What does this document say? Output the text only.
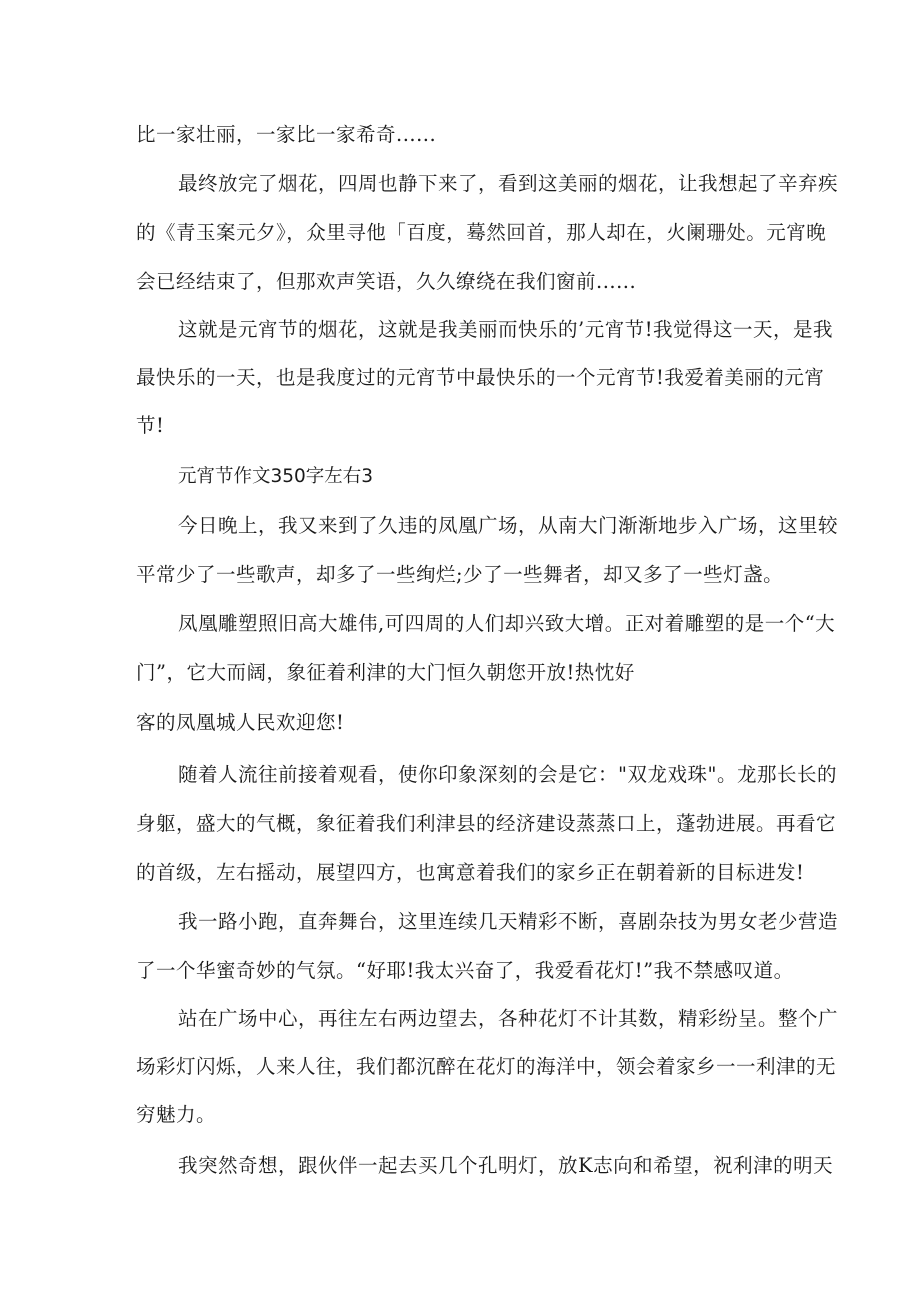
比一家壮丽，一家比一家希奇......
最终放完了烟花，四周也静下来了，看到这美丽的烟花，让我想起了辛弃疾
的《青玉案元夕》，众里寻他「百度，蓦然回首，那人却在，火阑珊处。元宵晚
会已经结束了，但那欢声笑语，久久缭绕在我们窗前......
这就是元宵节的烟花，这就是我美丽而快乐的’元宵节!我觉得这一天，是我
最快乐的一天，也是我度过的元宵节中最快乐的一个元宵节!我爱着美丽的元宵
节!
元宵节作文350字左右3
今日晚上，我又来到了久违的凤凰广场，从南大门渐渐地步入广场，这里较
平常少了一些歌声，却多了一些绚烂;少了一些舞者，却又多了一些灯盏。
凤凰雕塑照旧高大雄伟,可四周的人们却兴致大增。正对着雕塑的是一个“大
门”，它大而阔，象征着利津的大门恒久朝您开放!热忱好
客的凤凰城人民欢迎您!
随着人流往前接着观看，使你印象深刻的会是它："双龙戏珠"。龙那长长的
身躯，盛大的气概，象征着我们利津县的经济建设蒸蒸口上，蓬勃进展。再看它
的首级，左右摇动，展望四方，也寓意着我们的家乡正在朝着新的目标进发!
我一路小跑，直奔舞台，这里连续几天精彩不断，喜剧杂技为男女老少营造
了一个华蜜奇妙的气氛。“好耶!我太兴奋了，我爱看花灯!”我不禁感叹道。
站在广场中心，再往左右两边望去，各种花灯不计其数，精彩纷呈。整个广
场彩灯闪烁，人来人往，我们都沉醉在花灯的海洋中，领会着家乡一一利津的无
穷魅力。
我突然奇想，跟伙伴一起去买几个孔明灯，放K志向和希望，祝利津的明天
